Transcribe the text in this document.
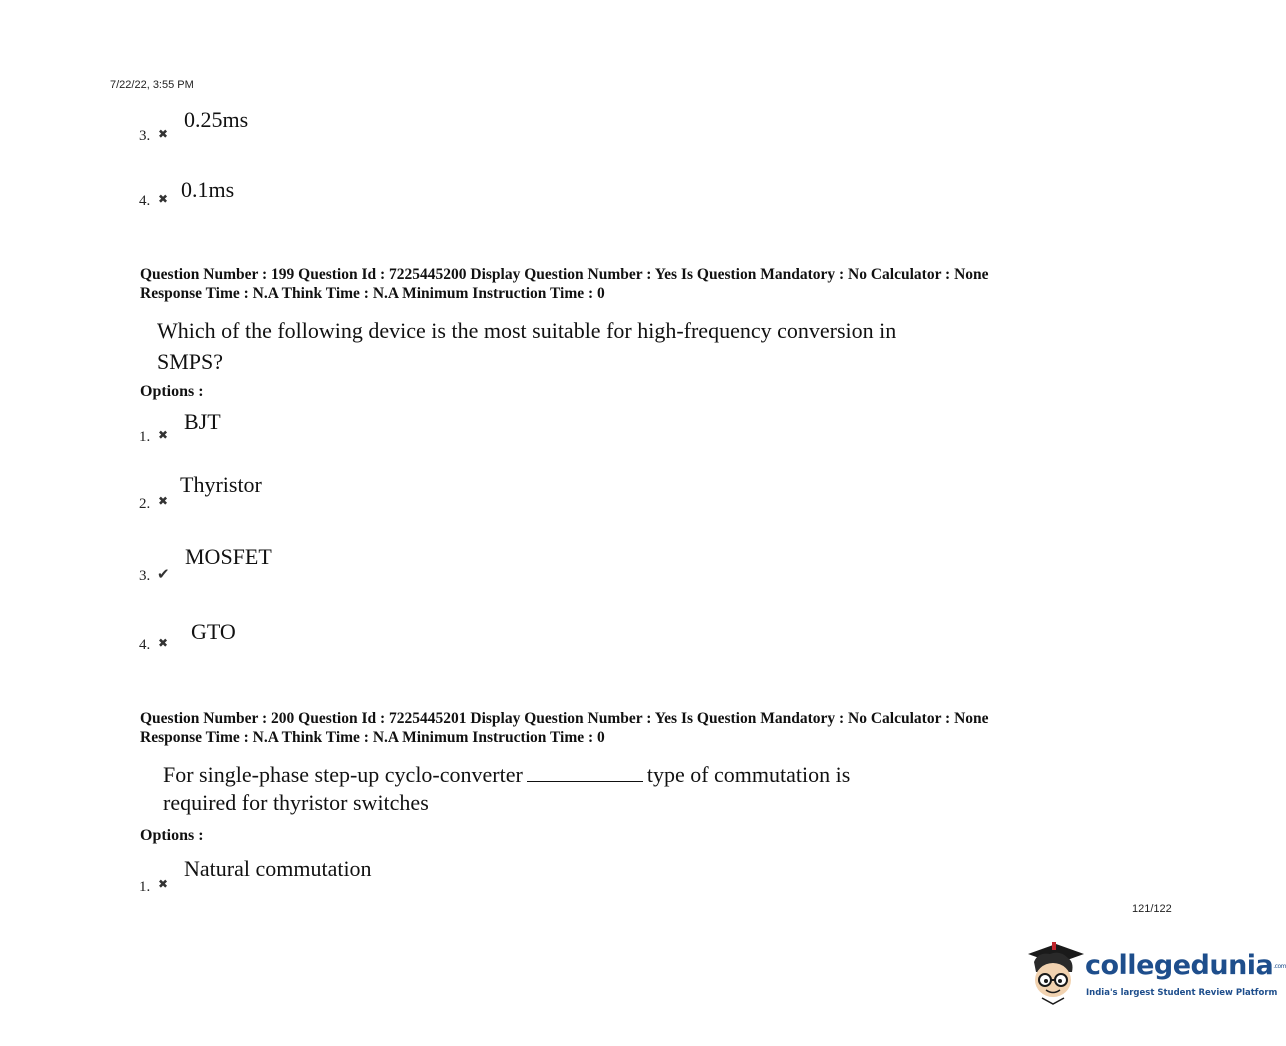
7/22/22, 3:55 PM
3. ✖
0.25ms
4. ✖ 0.1ms
Question Number : 199 Question Id : 7225445200 Display Question Number : Yes Is Question Mandatory : No Calculator : None
Response Time : N.A Think Time : N.A Minimum Instruction Time : 0
Which of the following device is the most suitable for high-frequency conversion in
SMPS?
Options :
1. ✖
BJT
2. ✖
Thyristor
3. ✔
MOSFET
4. ✖ GTO
Question Number : 200 Question Id : 7225445201 Display Question Number : Yes Is Question Mandatory : No Calculator : None
Response Time : N.A Think Time : N.A Minimum Instruction Time : 0
For single-phase step-up cyclo-converter	type of commutation is
required for thyristor switches
Options :
1. ✖
Natural commutation
121/122
collegedunia.com
India's largest Student Review Platform
